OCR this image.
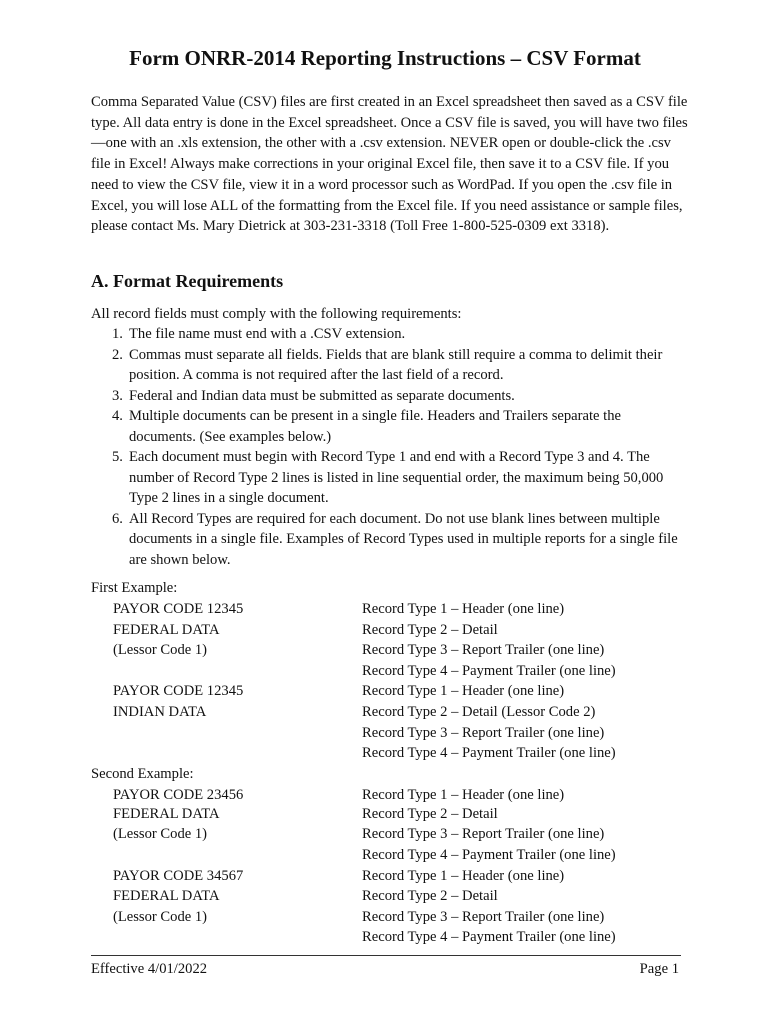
Form ONRR-2014 Reporting Instructions – CSV Format

Comma Separated Value (CSV) files are first created in an Excel spreadsheet then saved as a CSV file type. All data entry is done in the Excel spreadsheet. Once a CSV file is saved, you will have two files—one with an .xls extension, the other with a .csv extension. NEVER open or double-click the .csv file in Excel! Always make corrections in your original Excel file, then save it to a CSV file. If you need to view the CSV file, view it in a word processor such as WordPad. If you open the .csv file in Excel, you will lose ALL of the formatting from the Excel file. If you need assistance or sample files, please contact Ms. Mary Dietrick at 303-231-3318 (Toll Free 1-800-525-0309 ext 3318).

A. Format Requirements

All record fields must comply with the following requirements:

1. The file name must end with a .CSV extension.
2. Commas must separate all fields. Fields that are blank still require a comma to delimit their position. A comma is not required after the last field of a record.
3. Federal and Indian data must be submitted as separate documents.
4. Multiple documents can be present in a single file. Headers and Trailers separate the documents. (See examples below.)
5. Each document must begin with Record Type 1 and end with a Record Type 3 and 4. The number of Record Type 2 lines is listed in line sequential order, the maximum being 50,000 Type 2 lines in a single document.
6. All Record Types are required for each document. Do not use blank lines between multiple documents in a single file. Examples of Record Types used in multiple reports for a single file are shown below.

First Example:

PAYOR CODE 12345	Record Type 1 – Header (one line)
FEDERAL DATA	Record Type 2 – Detail
(Lessor Code 1)	Record Type 3 – Report Trailer (one line)
Record Type 4 – Payment Trailer (one line)
PAYOR CODE 12345	Record Type 1 – Header (one line)
INDIAN DATA	Record Type 2 – Detail (Lessor Code 2)
Record Type 3 – Report Trailer (one line)
Record Type 4 – Payment Trailer (one line)

Second Example:

PAYOR CODE 23456	Record Type 1 – Header (one line)
FEDERAL DATA	Record Type 2 – Detail
(Lessor Code 1)	Record Type 3 – Report Trailer (one line)
Record Type 4 – Payment Trailer (one line)
PAYOR CODE 34567	Record Type 1 – Header (one line)
FEDERAL DATA	Record Type 2 – Detail
(Lessor Code 1)	Record Type 3 – Report Trailer (one line)
Record Type 4 – Payment Trailer (one line)
Effective 4/01/2022	Page 1
